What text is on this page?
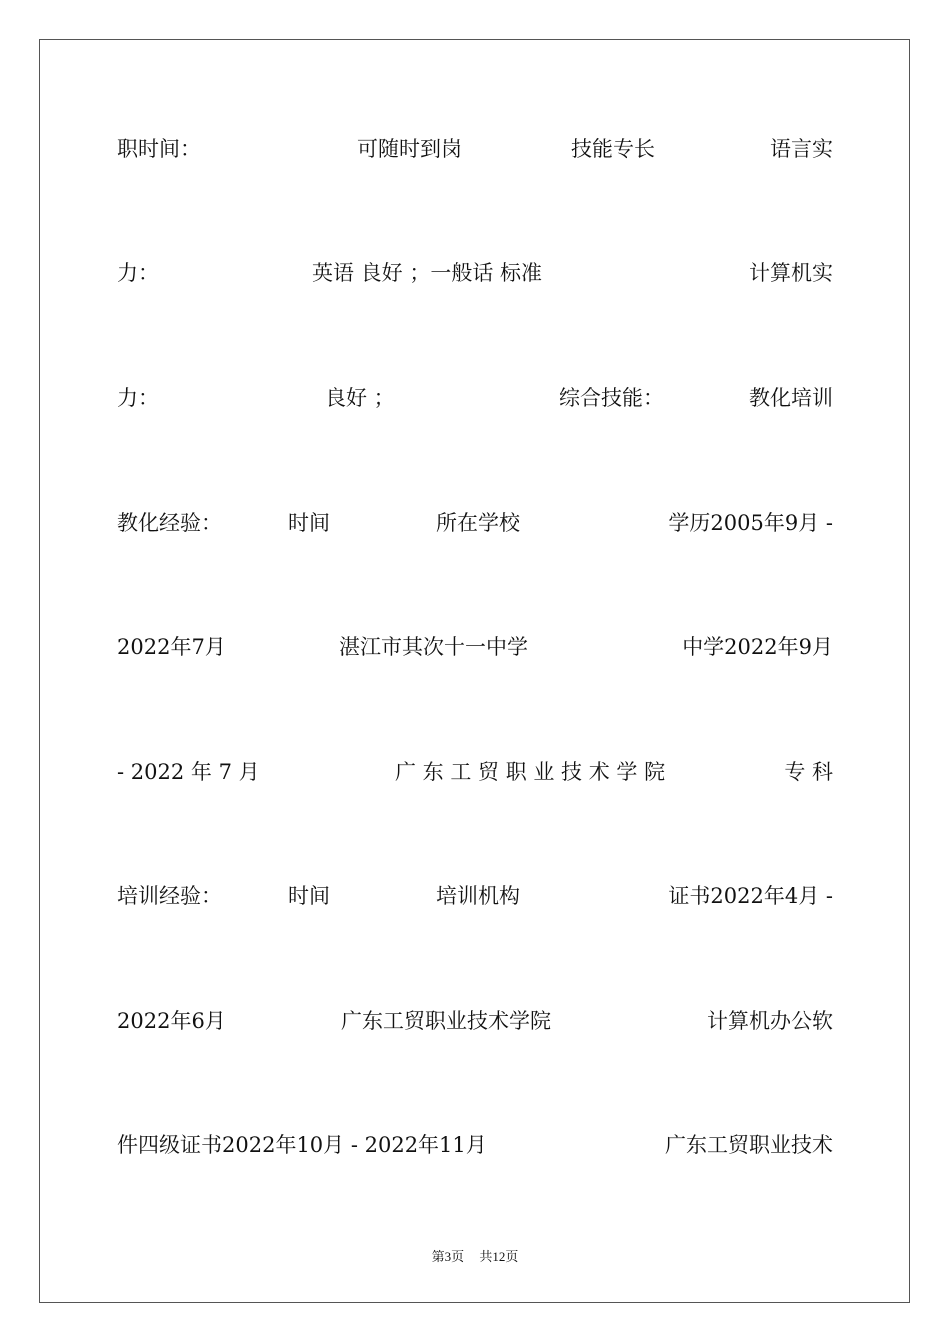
职时间：	可随时到岗	技能专长	语言实
力：	英语 良好 ；一般话 标准	计算机实
力：	良好 ；	综合技能：	教化培训
教化经验：	时间	所在学校	学历2005年9月 -
2022年7月	湛江市其次十一中学	中学2022年9月
- 2022 年 7 月	广 东 工 贸 职 业 技 术 学 院	专 科
培训经验：	时间	培训机构	证书2022年4月 -
2022年6月	广东工贸职业技术学院	计算机办公软
件四级证书2022年10月 - 2022年11月	广东工贸职业技术
第3页 共12页
